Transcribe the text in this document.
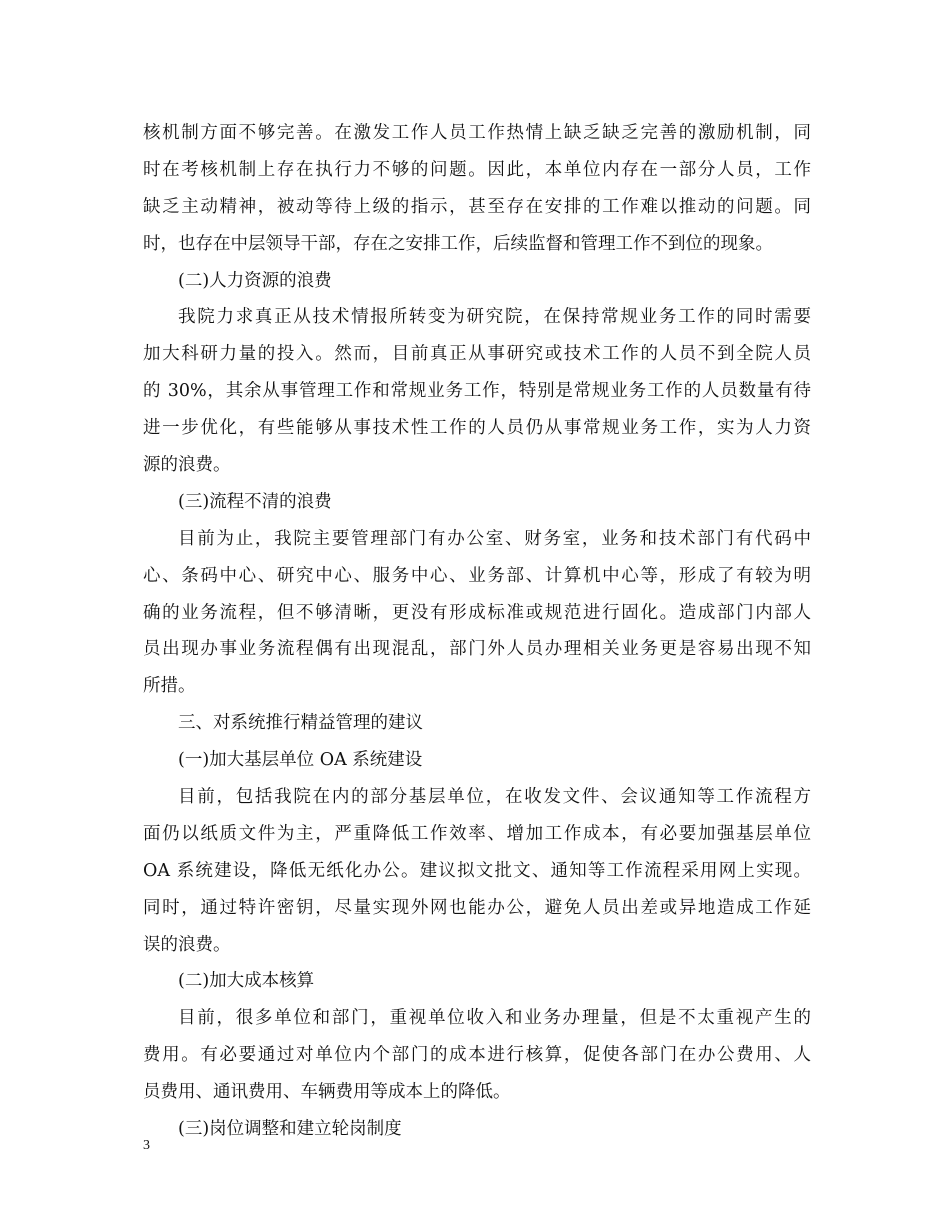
核机制方面不够完善。在激发工作人员工作热情上缺乏缺乏完善的激励机制，同
时在考核机制上存在执行力不够的问题。因此，本单位内存在一部分人员，工作
缺乏主动精神，被动等待上级的指示，甚至存在安排的工作难以推动的问题。同
时，也存在中层领导干部，存在之安排工作，后续监督和管理工作不到位的现象。
(二)人力资源的浪费
我院力求真正从技术情报所转变为研究院，在保持常规业务工作的同时需要
加大科研力量的投入。然而，目前真正从事研究或技术工作的人员不到全院人员
的 30%，其余从事管理工作和常规业务工作，特别是常规业务工作的人员数量有待
进一步优化，有些能够从事技术性工作的人员仍从事常规业务工作，实为人力资
源的浪费。
(三)流程不清的浪费
目前为止，我院主要管理部门有办公室、财务室，业务和技术部门有代码中
心、条码中心、研究中心、服务中心、业务部、计算机中心等，形成了有较为明
确的业务流程，但不够清晰，更没有形成标准或规范进行固化。造成部门内部人
员出现办事业务流程偶有出现混乱，部门外人员办理相关业务更是容易出现不知
所措。
三、对系统推行精益管理的建议
(一)加大基层单位 OA 系统建设
目前，包括我院在内的部分基层单位，在收发文件、会议通知等工作流程方
面仍以纸质文件为主，严重降低工作效率、增加工作成本，有必要加强基层单位
OA 系统建设，降低无纸化办公。建议拟文批文、通知等工作流程采用网上实现。
同时，通过特许密钥，尽量实现外网也能办公，避免人员出差或异地造成工作延
误的浪费。
(二)加大成本核算
目前，很多单位和部门，重视单位收入和业务办理量，但是不太重视产生的
费用。有必要通过对单位内个部门的成本进行核算，促使各部门在办公费用、人
员费用、通讯费用、车辆费用等成本上的降低。
(三)岗位调整和建立轮岗制度
3
